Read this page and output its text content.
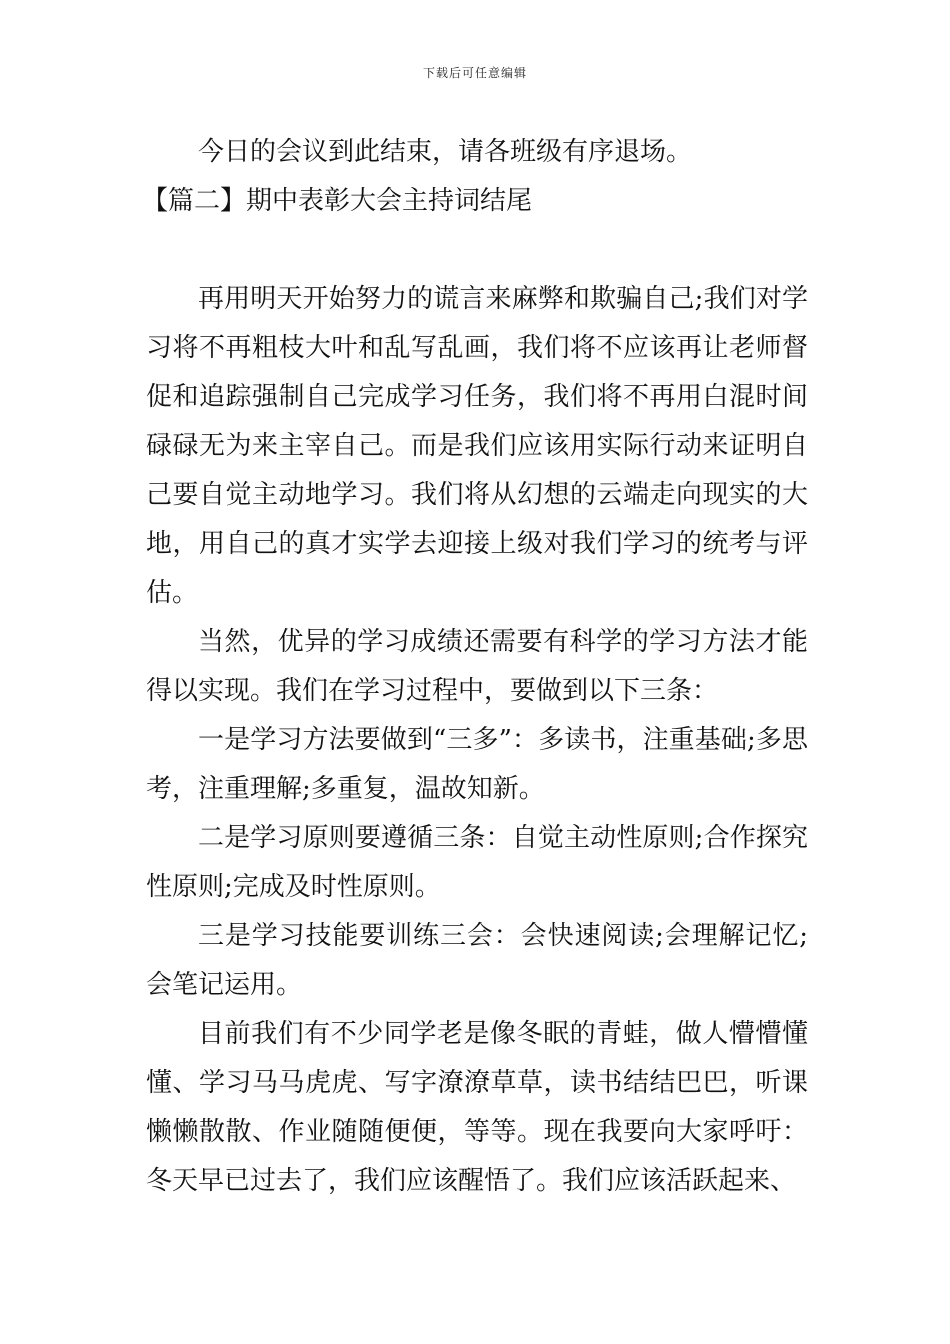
下载后可任意编辑

今日的会议到此结束，请各班级有序退场。

【篇二】期中表彰大会主持词结尾

再用明天开始努力的谎言来麻弊和欺骗自己;我们对学习将不再粗枝大叶和乱写乱画，我们将不应该再让老师督促和追踪强制自己完成学习任务，我们将不再用白混时间碌碌无为来主宰自己。而是我们应该用实际行动来证明自己要自觉主动地学习。我们将从幻想的云端走向现实的大地，用自己的真才实学去迎接上级对我们学习的统考与评估。

当然，优异的学习成绩还需要有科学的学习方法才能得以实现。我们在学习过程中，要做到以下三条：

一是学习方法要做到“三多”：多读书，注重基础;多思考，注重理解;多重复，温故知新。

二是学习原则要遵循三条：自觉主动性原则;合作探究性原则;完成及时性原则。

三是学习技能要训练三会：会快速阅读;会理解记忆;会笔记运用。

目前我们有不少同学老是像冬眠的青蛙，做人懵懵懂懂、学习马马虎虎、写字潦潦草草，读书结结巴巴，听课懒懒散散、作业随随便便，等等。现在我要向大家呼吁：冬天早已过去了，我们应该醒悟了。我们应该活跃起来、
